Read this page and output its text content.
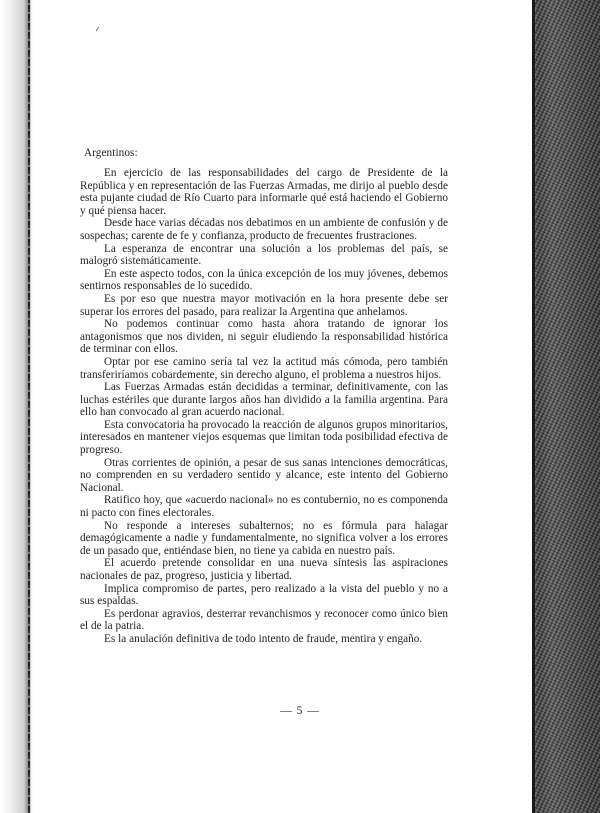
Argentinos:

En ejercicio de las responsabilidades del cargo de Presidente de la República y en representación de las Fuerzas Armadas, me dirijo al pueblo desde esta pujante ciudad de Río Cuarto para informarle qué está haciendo el Gobierno y qué piensa hacer.

Desde hace varias décadas nos debatimos en un ambiente de confusión y de sospechas; carente de fe y confianza, producto de frecuentes frustraciones.

La esperanza de encontrar una solución a los problemas del país, se malogró sistemáticamente.

En este aspecto todos, con la única excepción de los muy jóvenes, debemos sentirnos responsables de lo sucedido.

Es por eso que nuestra mayor motivación en la hora presente debe ser superar los errores del pasado, para realizar la Argentina que anhelamos.

No podemos continuar como hasta ahora tratando de ignorar los antagonismos que nos dividen, ni seguir eludiendo la responsabilidad histórica de terminar con ellos.

Optar por ese camino sería tal vez la actitud más cómoda, pero también transferiríamos cobardemente, sin derecho alguno, el problema a nuestros hijos.

Las Fuerzas Armadas están decididas a terminar, definitivamente, con las luchas estériles que durante largos años han dividido a la familia argentina. Para ello han convocado al gran acuerdo nacional.

Esta convocatoria ha provocado la reacción de algunos grupos minoritarios, interesados en mantener viejos esquemas que limitan toda posibilidad efectiva de progreso.

Otras corrientes de opinión, a pesar de sus sanas intenciones democráticas, no comprenden en su verdadero sentido y alcance, este intento del Gobierno Nacional.

Ratifico hoy, que «acuerdo nacional» no es contubernio, no es componenda ni pacto con fines electorales.

No responde a intereses subalternos; no es fórmula para halagar demagógicamente a nadie y fundamentalmente, no significa volver a los errores de un pasado que, entiéndase bien, no tiene ya cabida en nuestro país.

El acuerdo pretende consolidar en una nueva síntesis las aspiraciones nacionales de paz, progreso, justicia y libertad.

Implica compromiso de partes, pero realizado a la vista del pueblo y no a sus espaldas.

Es perdonar agravios, desterrar revanchismos y reconocer como único bien el de la patria.

Es la anulación definitiva de todo intento de fraude, mentira y engaño.

— 5 —
